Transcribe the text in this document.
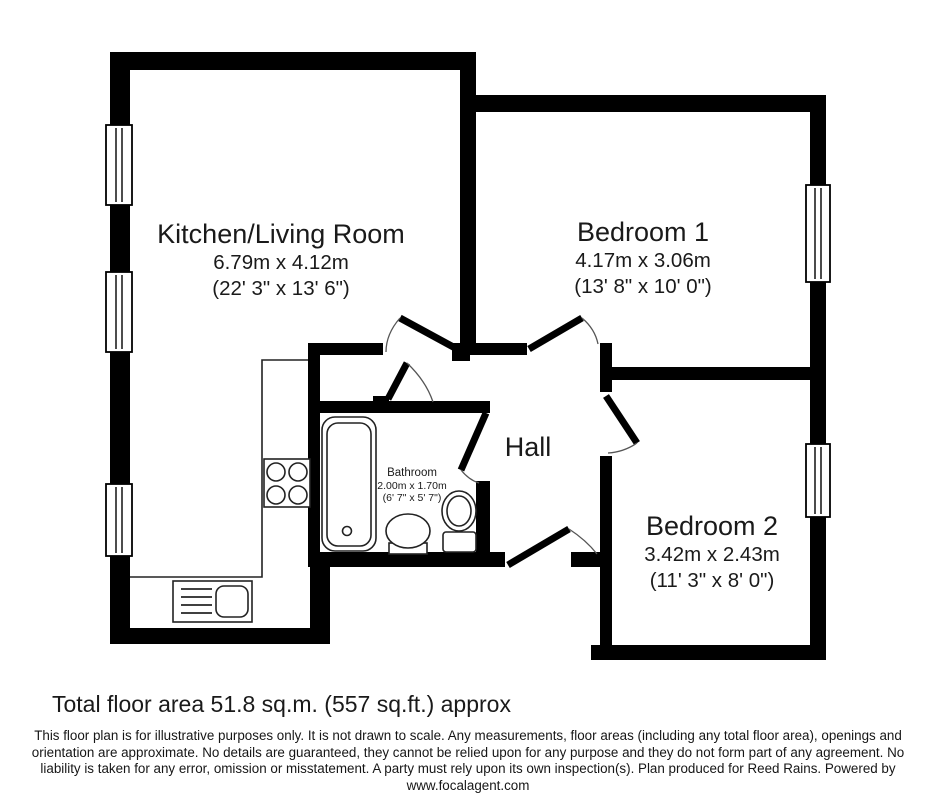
Kitchen/Living Room
6.79m x 4.12m
(22' 3" x 13' 6")
Bedroom 1
4.17m x 3.06m
(13' 8" x 10' 0")
Bedroom 2
3.42m x 2.43m
(11' 3" x 8' 0")
Bathroom
2.00m x 1.70m
(6' 7" x 5' 7")
Hall
Total floor area 51.8 sq.m. (557 sq.ft.) approx
This floor plan is for illustrative purposes only. It is not drawn to scale. Any measurements, floor areas (including any total floor area), openings and
orientation are approximate. No details are guaranteed, they cannot be relied upon for any purpose and they do not form part of any agreement. No
liability is taken for any error, omission or misstatement. A party must rely upon its own inspection(s). Plan produced for Reed Rains. Powered by
www.focalagent.com
